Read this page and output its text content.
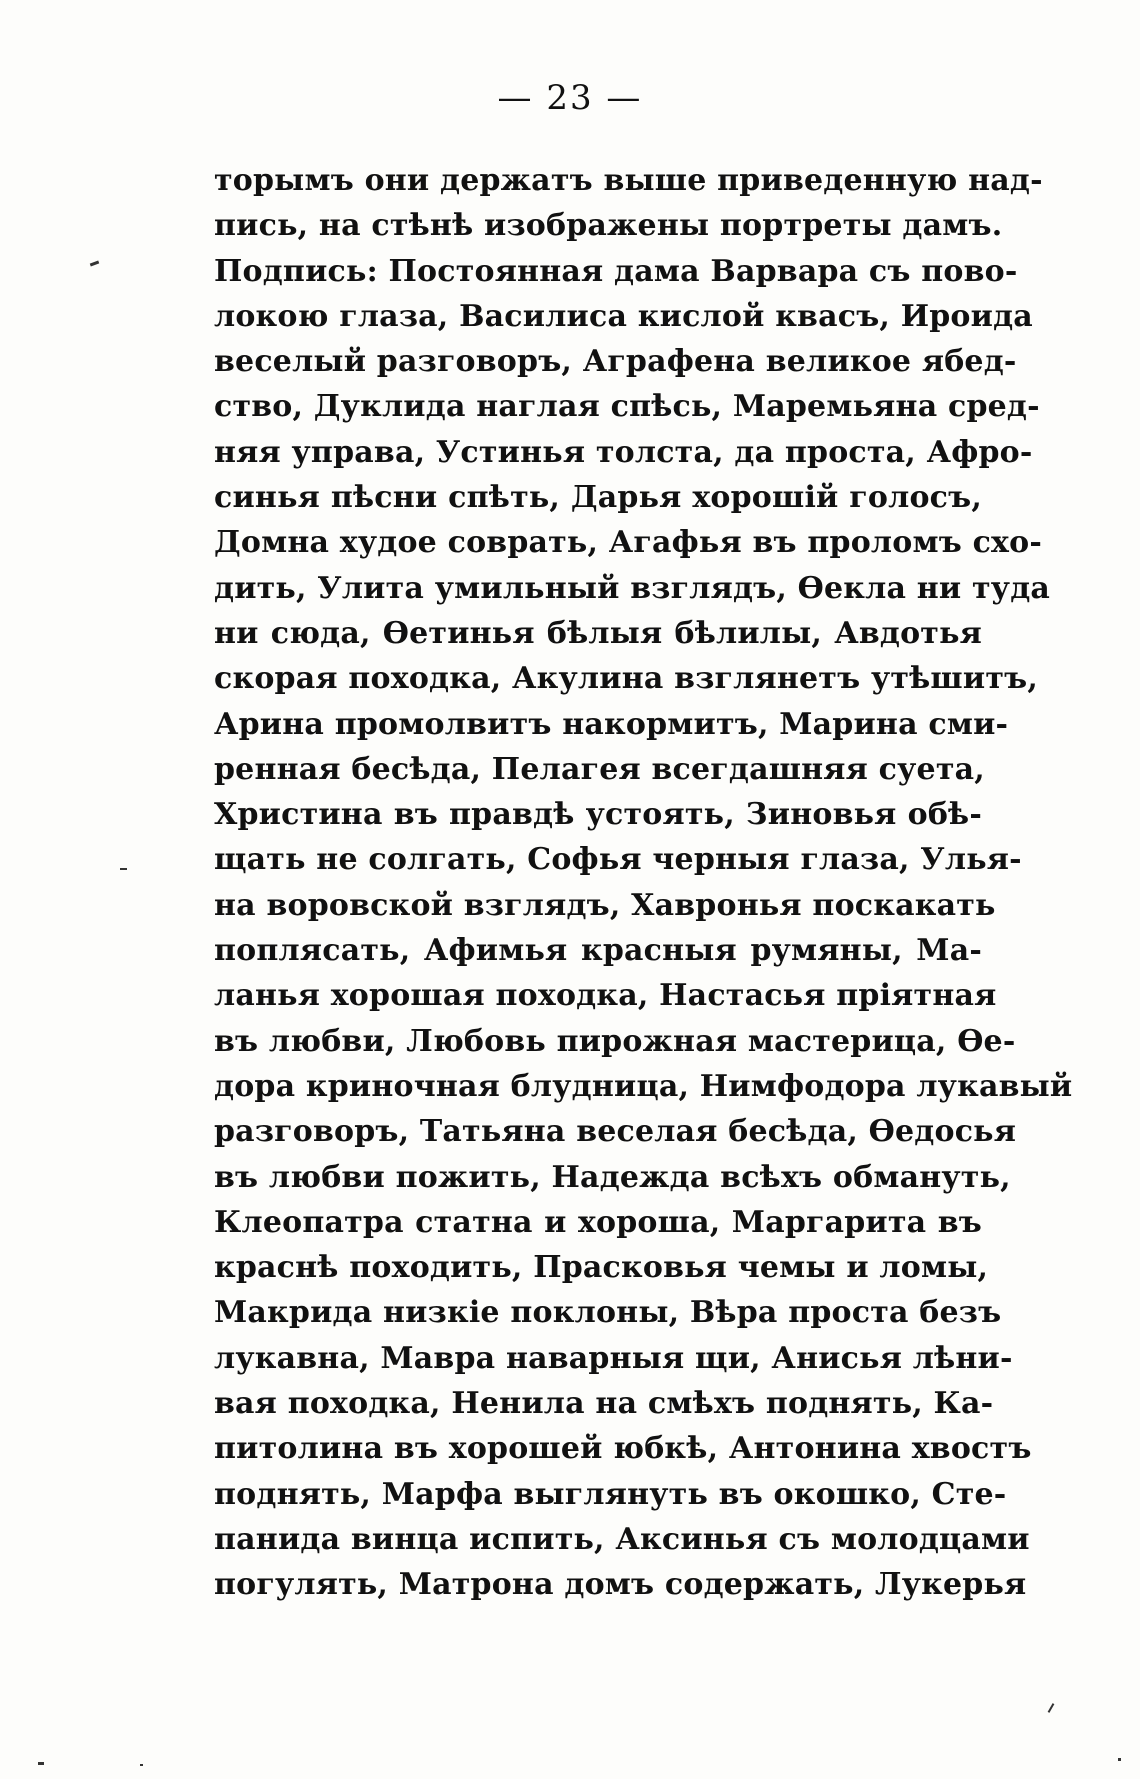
— 23 —
торымъ они держатъ выше приведенную над-
пись, на стѣнѣ изображены портреты дамъ.
Подпись: Постоянная дама Варвара съ пово-
локою глаза, Василиса кислой квасъ, Ироида
веселый разговоръ, Аграфена великое ябед-
ство, Дуклида наглая спѣсь, Маремьяна сред-
няя управа, Устинья толста, да проста, Афро-
синья пѣсни спѣть, Дарья хорошій голосъ,
Домна худое соврать, Агафья въ проломъ схо-
дить, Улита умильный взглядъ, Ѳекла ни туда
ни сюда, Ѳетинья бѣлыя бѣлилы, Авдотья
скорая походка, Акулина взглянетъ утѣшитъ,
Арина промолвитъ накормитъ, Марина сми-
ренная бесѣда, Пелагея всегдашняя суета,
Христина въ правдѣ устоять, Зиновья обѣ-
щать не солгать, Софья черныя глаза, Улья-
на воровской взглядъ, Хавронья поскакать
поплясать, Афимья красныя румяны, Ма-
ланья хорошая походка, Настасья пріятная
въ любви, Любовь пирожная мастерица, Ѳе-
дора криночная блудница, Нимфодора лукавый
разговоръ, Татьяна веселая бесѣда, Ѳедосья
въ любви пожить, Надежда всѣхъ обмануть,
Клеопатра статна и хороша, Маргарита въ
краснѣ походить, Прасковья чемы и ломы,
Макрида низкіе поклоны, Вѣра проста безъ
лукавна, Мавра наварныя щи, Анисья лѣни-
вая походка, Ненила на смѣхъ поднять, Ка-
питолина въ хорошей юбкѣ, Антонина хвостъ
поднять, Марфа выглянуть въ окошко, Сте-
панида винца испить, Аксинья съ молодцами
погулять, Матрона домъ содержать, Лукерья
